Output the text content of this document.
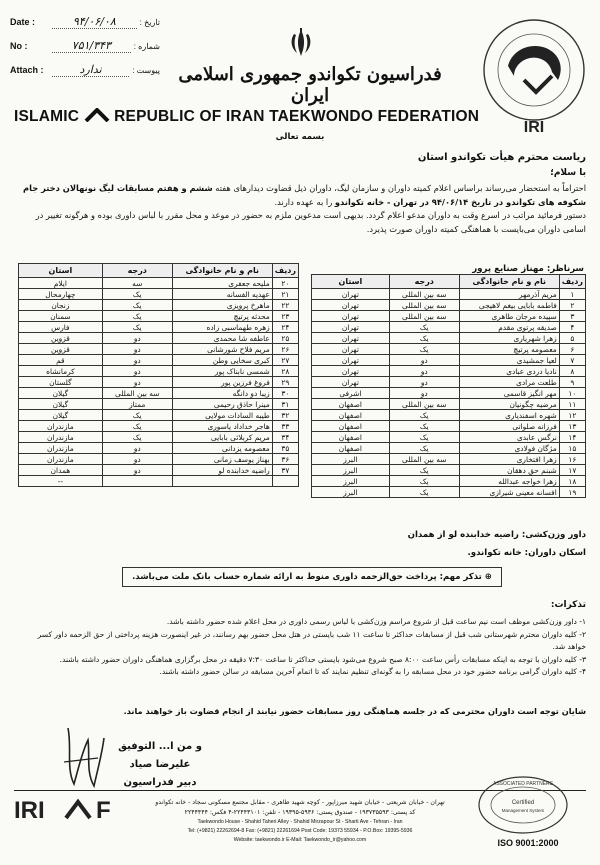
Date :	۹۴/۰۶/۰۸	: تاریخ
No :	۷۵۱/۳۴۳	: شماره
Attach :	ندارد	: پیوست	فدراسیون تکواندو جمهوری اسلامی ایران
IRI
ISLAMIC REPUBLIC OF IRAN TAEKWONDO FEDERATION
بسمه تعالی
ریاست محترم هیأت تکواندو استان
با سلام؛
احتراماً به استحضار می‌رساند براساس اعلام کمیته داوران و سازمان لیگ، داوران ذیل قضاوت دیدارهای هفته ششم و هفتم مسابقات لیگ نونهالان دختر جام شکوفه های تکواندو در تاریخ ۹۴/۰۶/۱۴ در تهران - خانه تکواندو را به عهده دارند.
دستور فرمائید مراتب در اسرع وقت به داوران مدعو اعلام گردد. بدیهی است مدعوین ملزم به حضور در موعد و محل مقرر با لباس داوری بوده و هرگونه تغییر در اسامی داوران می‌بایست با هماهنگی کمیته داوران صورت پذیرد.
سرناظر: مهناز صنایع پرور
ردیف	نام و نام خانوادگی	درجه	استان
۱	مریم آذرمهر	سه بین المللی	تهران
۲	فاطمه بابایی بیغم لاهیجی	سه بین المللی	تهران
۳	سپیده مرجان طاهری	سه بین المللی	تهران
۴	صدیقه پرتوی مقدم	یک	تهران
۵	زهرا شهریاری	یک	تهران
۶	معصومه پرتیچ	یک	تهران
۷	لعیا جمشیدی	دو	تهران
۸	نادیا دردی عبادی	دو	تهران
۹	طلعت مرادی	دو	تهران
۱۰	مهر انگیز قاسمی	دو	اشرفی
۱۱	مرضیه چگونیان	سه بین المللی	اصفهان
۱۲	شهره اسفندیاری	یک	اصفهان
۱۳	فرزانه صلواتی	یک	اصفهان
۱۴	نرگس عابدی	یک	اصفهان
۱۵	مژگان فولادی	یک	اصفهان
۱۶	زهرا افتخاری	سه بین المللی	البرز
۱۷	شبنم حق دهقان	یک	البرز
۱۸	زهرا خواجه عبدالله	یک	البرز
۱۹	افسانه معینی شیرازی	یک	البرز
ردیف	نام و نام خانوادگی	درجه	استان
۲۰	ملیحه جعفری	سه	ایلام
۲۱	عهدیه الفسانه	یک	چهارمحال
۲۲	ماهرخ پرویزی	یک	زنجان
۲۳	محدثه پرتیچ	یک	سمنان
۲۴	زهره طهماسبی زاده	یک	فارس
۲۵	عاطفه شا محمدی	دو	قزوین
۲۶	مریم فلاح شورشانی	دو	قزوین
۲۷	کبری سخایی وطن	دو	قم
۲۸	شمسی نابناک پور	دو	کرمانشاه
۲۹	فروغ فرزین پور	دو	گلستان
۳۰	زیبا دو دانگه	سه بین المللی	گیلان
۳۱	مینرا حاذق رحیمی	ممتاز	گیلان
۳۲	طیبه السادات مولایی	یک	گیلان
۳۳	هاجر خداداد یاسوری	یک	مازندران
۳۴	مریم کربلائی بابایی	یک	مازندران
۳۵	معصومه یزدانی	دو	مازندران
۳۶	بهناز یوسف زمانی	دو	مازندران
۳۷	راضیه خدابنده لو	دو	همدان
			--
داور وزن‌کشی: راضیه خدابنده لو از همدان
اسکان داوران: خانه تکواندو.
⊕ تذکر مهم: پرداخت حق‌الزحمه داوری منوط به ارائه شماره حساب بانک ملت می‌باشد.
تذکرات:
۱- داور وزن‌کشی موظف است نیم ساعت قبل از شروع مراسم وزن‌کشی با لباس رسمی داوری در محل اعلام شده حضور داشته باشد.
۲- کلیه داوران محترم شهرستانی شب قبل از مسابقات حداکثر تا ساعت ۱۱ شب بایستی در هتل محل حضور بهم رسانند، در غیر اینصورت هزینه پرداختی از حق الزحمه داور کسر خواهد شد.
۳- کلیه داوران با توجه به اینکه مسابقات رأس ساعت ۸:۰۰ صبح شروع می‌شود بایستی حداکثر تا ساعت ۷:۳۰ دقیقه در محل برگزاری هماهنگی داوران حضور داشته باشند.
۴- کلیه داوران گرامی برنامه حضور خود در محل مسابقه را به گونه‌ای تنظیم نمایند که تا اتمام آخرین مسابقه در سالن حضور داشته باشند.
شایان توجه است داوران محترمی که در جلسه هماهنگی روز مسابقات حضور نیابند از انجام قضاوت باز خواهند ماند.
و من ا... التوفیق
علیرضا صیاد
دبیر فدراسیون
IRI F	تهران - خیابان شریعتی - خیابان شهید میرزاپور - کوچه شهید طاهری - مقابل مجتمع مسکونی سجاد - خانه تکواندو
کد پستی: ۱۹۳۷۳۵۵۹۳ - صندوق پستی: ۵۹۳۶-۱۹۳۹۵ - تلفن: ۲۲۴۴۳۱۰۱-۴ فکس: ۲۲۴۴۴۴۴
Taekwondo House - Shahid Taheri Alley - Shahid Mirzapour St - Sharti Ave - Tehran - Iran
Tel: (+9821) 22262694-8 Fax: (+9821) 22261694 Post Code: 19373 55934 - P.O.Box: 19395-5936
Website: taekwondo.ir E-Mail: Taekwondo_ir@yahoo.com
ASSOCIATED PARTNERS
Certified
Management System
ISO 9001:2000
